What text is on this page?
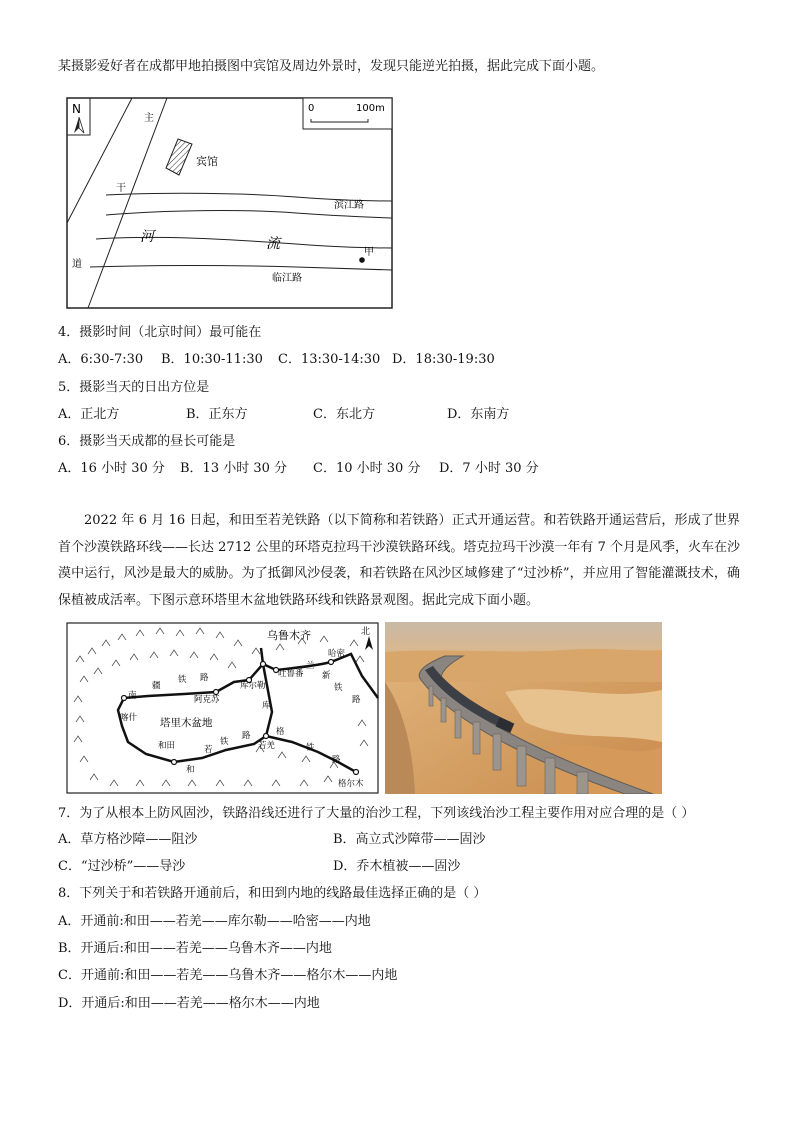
某摄影爱好者在成都甲地拍摄图中宾馆及周边外景时，发现只能逆光拍摄，据此完成下面小题。
N	0	100m
主
干
道
宾馆
滨江路
河	流
甲
临江路
4．摄影时间（北京时间）最可能在
A．6:30-7:30 B．10:30-11:30 C．13:30-14:30 D．18:30-19:30
5．摄影当天的日出方位是
A．正北方	B．正东方	C．东北方	D．东南方
6．摄影当天成都的昼长可能是
A．16 小时 30 分 B．13 小时 30 分 C．10 小时 30 分 D．7 小时 30 分
2022 年 6 月 16 日起，和田至若羌铁路（以下简称和若铁路）正式开通运营。和若铁路开通运营后，形成了世界首个沙漠铁路环线——长达 2712 公里的环塔克拉玛干沙漠铁路环线。塔克拉玛干沙漠一年有 7 个月是风季，火车在沙漠中运行，风沙是最大的威胁。为了抵御风沙侵袭，和若铁路在风沙区域修建了“过沙桥”，并应用了智能灌溉技术，确保植被成活率。下图示意环塔里木盆地铁路环线和铁路景观图。据此完成下面小题。
北
乌鲁木齐
吐鲁番
兰
哈密
新
库尔勒
阿克苏
喀什 塔里木盆地
和田	若羌
格尔木
南
疆
铁 路
铁
路
库
格
铁
路
和
若
铁
路
7．为了从根本上防风固沙，铁路沿线还进行了大量的治沙工程，下列该线治沙工程主要作用对应合理的是（ ）
A．草方格沙障——阻沙	B．高立式沙障带——固沙
C．“过沙桥”——导沙	D．乔木植被——固沙
8．下列关于和若铁路开通前后，和田到内地的线路最佳选择正确的是（ ）
A．开通前:和田——若羌——库尔勒——哈密——内地
B．开通后:和田——若羌——乌鲁木齐——内地
C．开通前:和田——若羌——乌鲁木齐——格尔木——内地
D．开通后:和田——若羌——格尔木——内地
